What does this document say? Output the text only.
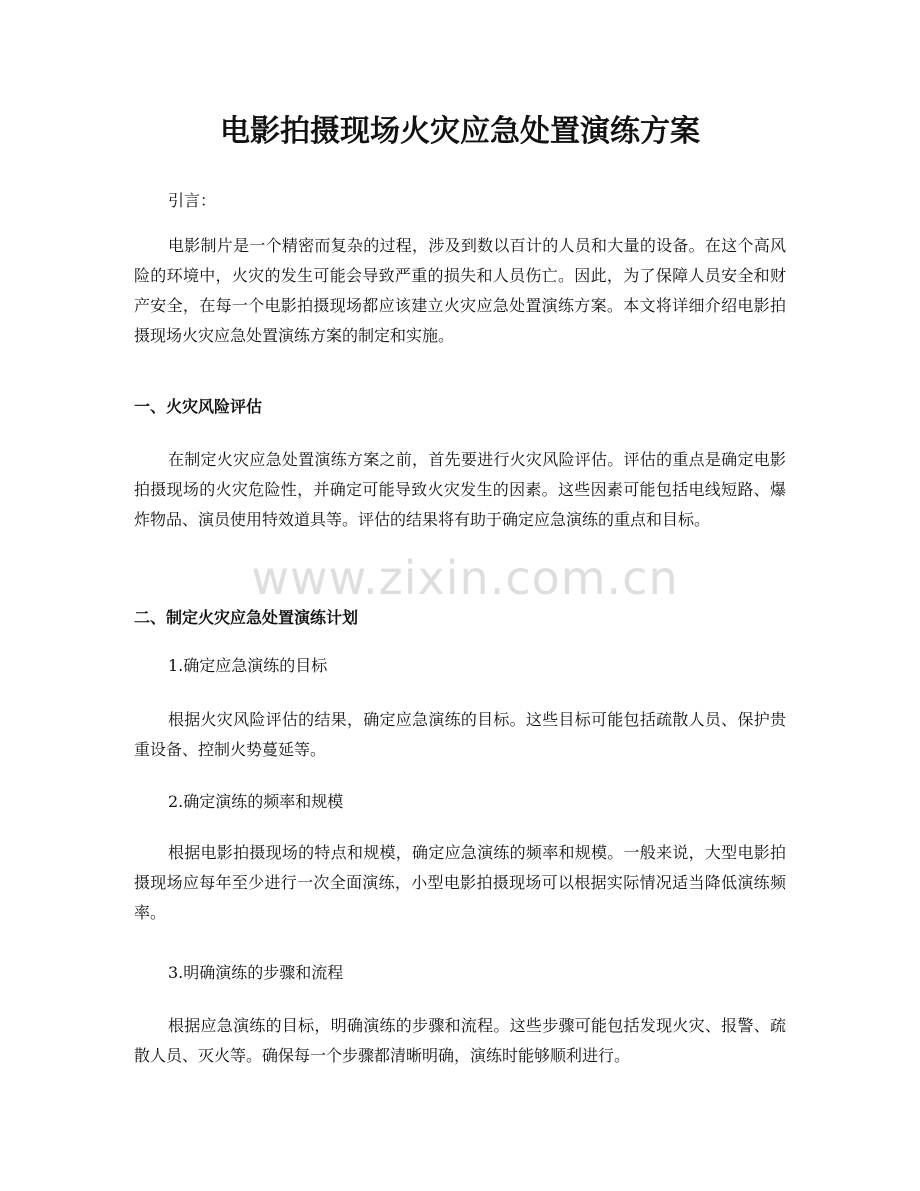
电影拍摄现场火灾应急处置演练方案

引言：

电影制片是一个精密而复杂的过程，涉及到数以百计的人员和大量的设备。在这个高风险的环境中，火灾的发生可能会导致严重的损失和人员伤亡。因此，为了保障人员安全和财产安全，在每一个电影拍摄现场都应该建立火灾应急处置演练方案。本文将详细介绍电影拍摄现场火灾应急处置演练方案的制定和实施。

一、火灾风险评估

在制定火灾应急处置演练方案之前，首先要进行火灾风险评估。评估的重点是确定电影拍摄现场的火灾危险性，并确定可能导致火灾发生的因素。这些因素可能包括电线短路、爆炸物品、演员使用特效道具等。评估的结果将有助于确定应急演练的重点和目标。

二、制定火灾应急处置演练计划

1.确定应急演练的目标

根据火灾风险评估的结果，确定应急演练的目标。这些目标可能包括疏散人员、保护贵重设备、控制火势蔓延等。

2.确定演练的频率和规模

根据电影拍摄现场的特点和规模，确定应急演练的频率和规模。一般来说，大型电影拍摄现场应每年至少进行一次全面演练，小型电影拍摄现场可以根据实际情况适当降低演练频率。

3.明确演练的步骤和流程

根据应急演练的目标，明确演练的步骤和流程。这些步骤可能包括发现火灾、报警、疏散人员、灭火等。确保每一个步骤都清晰明确，演练时能够顺利进行。

www.zixin.com.cn
